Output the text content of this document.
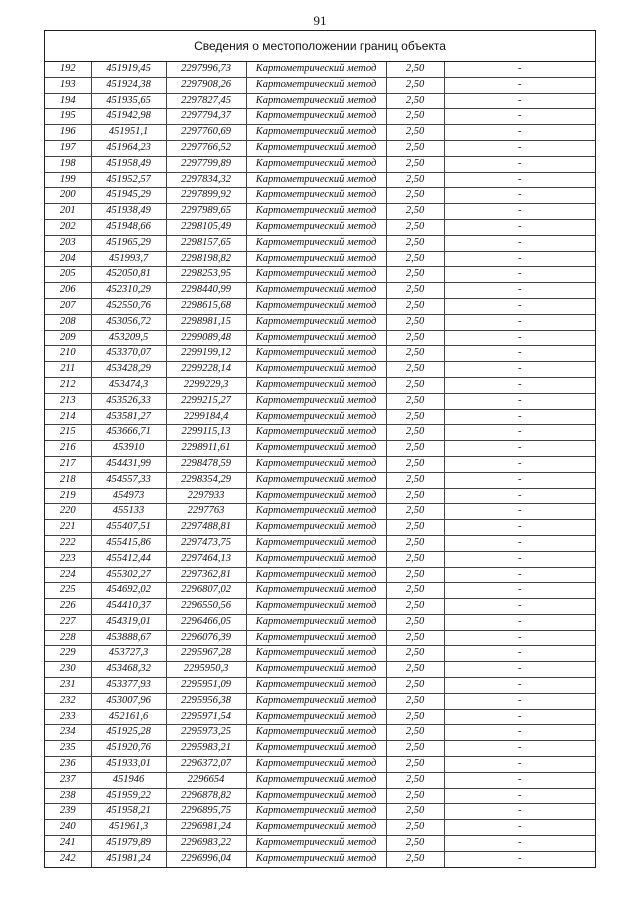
91
Сведения о местоположении границ объекта
192	451919,45	2297996,73	Картометрический метод	2,50	-
193	451924,38	2297908,26	Картометрический метод	2,50	-
194	451935,65	2297827,45	Картометрический метод	2,50	-
195	451942,98	2297794,37	Картометрический метод	2,50	-
196	451951,1	2297760,69	Картометрический метод	2,50	-
197	451964,23	2297766,52	Картометрический метод	2,50	-
198	451958,49	2297799,89	Картометрический метод	2,50	-
199	451952,57	2297834,32	Картометрический метод	2,50	-
200	451945,29	2297899,92	Картометрический метод	2,50	-
201	451938,49	2297989,65	Картометрический метод	2,50	-
202	451948,66	2298105,49	Картометрический метод	2,50	-
203	451965,29	2298157,65	Картометрический метод	2,50	-
204	451993,7	2298198,82	Картометрический метод	2,50	-
205	452050,81	2298253,95	Картометрический метод	2,50	-
206	452310,29	2298440,99	Картометрический метод	2,50	-
207	452550,76	2298615,68	Картометрический метод	2,50	-
208	453056,72	2298981,15	Картометрический метод	2,50	-
209	453209,5	2299089,48	Картометрический метод	2,50	-
210	453370,07	2299199,12	Картометрический метод	2,50	-
211	453428,29	2299228,14	Картометрический метод	2,50	-
212	453474,3	2299229,3	Картометрический метод	2,50	-
213	453526,33	2299215,27	Картометрический метод	2,50	-
214	453581,27	2299184,4	Картометрический метод	2,50	-
215	453666,71	2299115,13	Картометрический метод	2,50	-
216	453910	2298911,61	Картометрический метод	2,50	-
217	454431,99	2298478,59	Картометрический метод	2,50	-
218	454557,33	2298354,29	Картометрический метод	2,50	-
219	454973	2297933	Картометрический метод	2,50	-
220	455133	2297763	Картометрический метод	2,50	-
221	455407,51	2297488,81	Картометрический метод	2,50	-
222	455415,86	2297473,75	Картометрический метод	2,50	-
223	455412,44	2297464,13	Картометрический метод	2,50	-
224	455302,27	2297362,81	Картометрический метод	2,50	-
225	454692,02	2296807,02	Картометрический метод	2,50	-
226	454410,37	2296550,56	Картометрический метод	2,50	-
227	454319,01	2296466,05	Картометрический метод	2,50	-
228	453888,67	2296076,39	Картометрический метод	2,50	-
229	453727,3	2295967,28	Картометрический метод	2,50	-
230	453468,32	2295950,3	Картометрический метод	2,50	-
231	453377,93	2295951,09	Картометрический метод	2,50	-
232	453007,96	2295956,38	Картометрический метод	2,50	-
233	452161,6	2295971,54	Картометрический метод	2,50	-
234	451925,28	2295973,25	Картометрический метод	2,50	-
235	451920,76	2295983,21	Картометрический метод	2,50	-
236	451933,01	2296372,07	Картометрический метод	2,50	-
237	451946	2296654	Картометрический метод	2,50	-
238	451959,22	2296878,82	Картометрический метод	2,50	-
239	451958,21	2296895,75	Картометрический метод	2,50	-
240	451961,3	2296981,24	Картометрический метод	2,50	-
241	451979,89	2296983,22	Картометрический метод	2,50	-
242	451981,24	2296996,04	Картометрический метод	2,50	-
